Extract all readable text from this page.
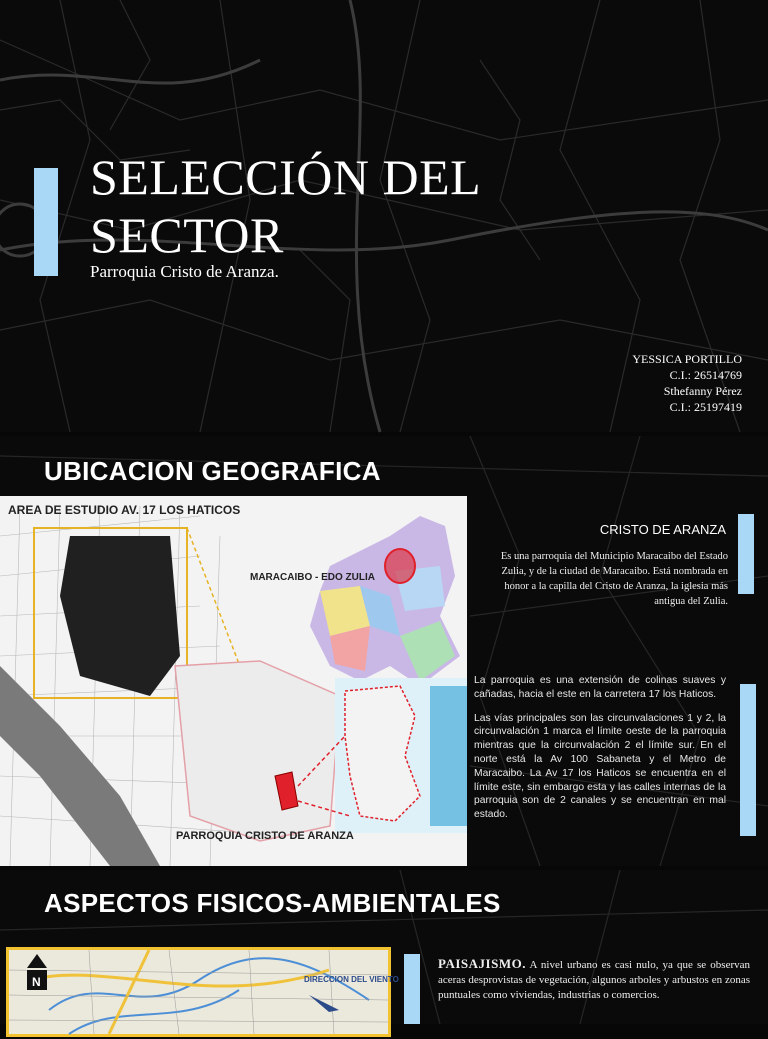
SELECCIÓN DEL SECTOR
Parroquia Cristo de Aranza.
YESSICA PORTILLO
C.I.: 26514769
Sthefanny Pérez
C.I.: 25197419
UBICACION GEOGRAFICA
AREA DE ESTUDIO AV. 17 LOS HATICOS
MARACAIBO - EDO ZULIA
PARROQUIA CRISTO DE ARANZA
CRISTO DE ARANZA
Es una parroquia del Municipio Maracaibo del Estado Zulia, y de la ciudad de Maracaibo. Está nombrada en honor a la capilla del Cristo de Aranza, la iglesia más antigua del Zulia.

La parroquia es una extensión de colinas suaves y cañadas, hacia el este en la carretera 17 los Haticos.

Las vías principales son las circunvalaciones 1 y 2, la circunvalación 1 marca el límite oeste de la parroquia mientras que la circunvalación 2 el límite sur. En el norte está la Av 100 Sabaneta y el Metro de Maracaibo. La Av 17 los Haticos se encuentra en el límite este, sin embargo esta y las calles internas de la parroquia son de 2 canales y se encuentran en mal estado.

ASPECTOS FISICOS-AMBIENTALES
N	DIRECCION DEL VIENTO
PAISAJISMO. A nivel urbano es casi nulo, ya que se observan aceras desprovistas de vegetación, algunos arboles y arbustos en zonas puntuales como viviendas, industrias o comercios.
